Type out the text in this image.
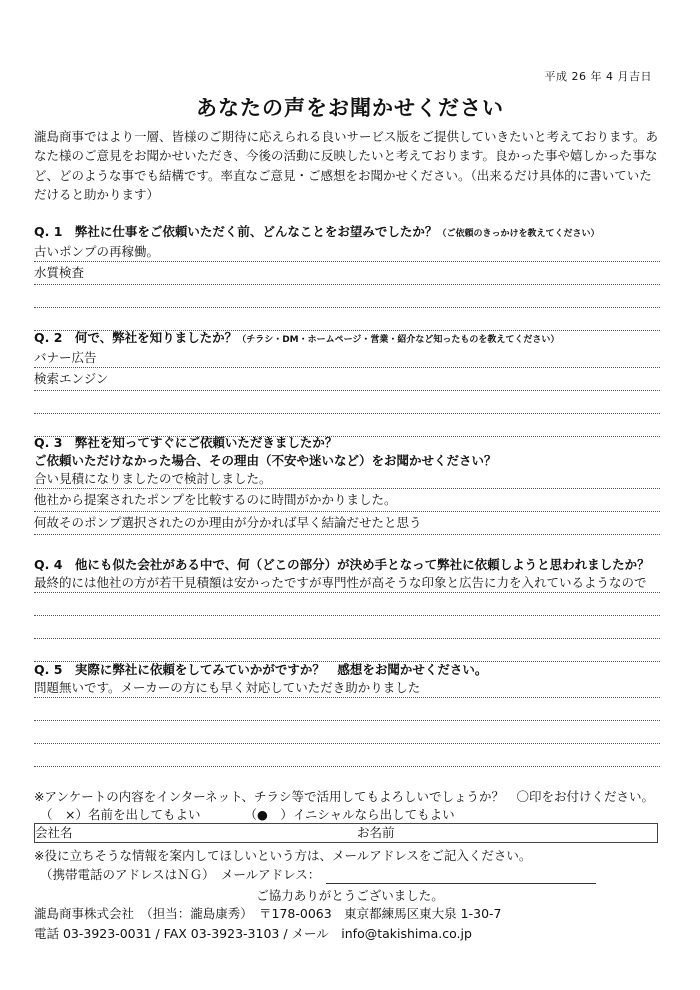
平成 26 年 4 月吉日
あなたの声をお聞かせください
瀧島商事ではより一層、皆様のご期待に応えられる良いサービス版をご提供していきたいと考えております。あなた様のご意見をお聞かせいただき、今後の活動に反映したいと考えております。良かった事や嬉しかった事など、どのような事でも結構です。率直なご意見・ご感想をお聞かせください。（出来るだけ具体的に書いていただけると助かります）
Q. 1　弊社に仕事をご依頼いただく前、どんなことをお望みでしたか？（ご依頼のきっかけを教えてください）
古いポンプの再稼働。
水質検査
Q. 2　何で、弊社を知りましたか？（チラシ・DM・ホームページ・営業・紹介など知ったものを教えてください）
バナー広告
検索エンジン
Q. 3　弊社を知ってすぐにご依頼いただきましたか？
ご依頼いただけなかった場合、その理由（不安や迷いなど）をお聞かせください？
合い見積になりましたので検討しました。
他社から提案されたポンプを比較するのに時間がかかりました。
何故そのポンプ選択されたのか理由が分かれば早く結論だせたと思う
Q. 4　他にも似た会社がある中で、何（どこの部分）が決め手となって弊社に依頼しようと思われましたか？
最終的には他社の方が若干見積額は安かったですが専門性が高そうな印象と広告に力を入れているようなので
Q. 5　実際に弊社に依頼をしてみていかがですか？　感想をお聞かせください。
問題無いです。メーカーの方にも早く対応していただき助かりました
※アンケートの内容をインターネット、チラシ等で活用してもよろしいでしょうか？　〇印をお付けください。
（　×）名前を出してもよい	（●　）イニシャルなら出してもよい
会社名	お名前
※役に立ちそうな情報を案内してほしいという方は、メールアドレスをご記入ください。
（携帯電話のアドレスはＮＧ）　メールアドレス：
ご協力ありがとうございました。
瀧島商事株式会社　（担当：瀧島康秀）　〒178-0063　東京都練馬区東大泉 1-30-7
電話 03-3923-0031 / FAX 03-3923-3103 / メール　info@takishima.co.jp
